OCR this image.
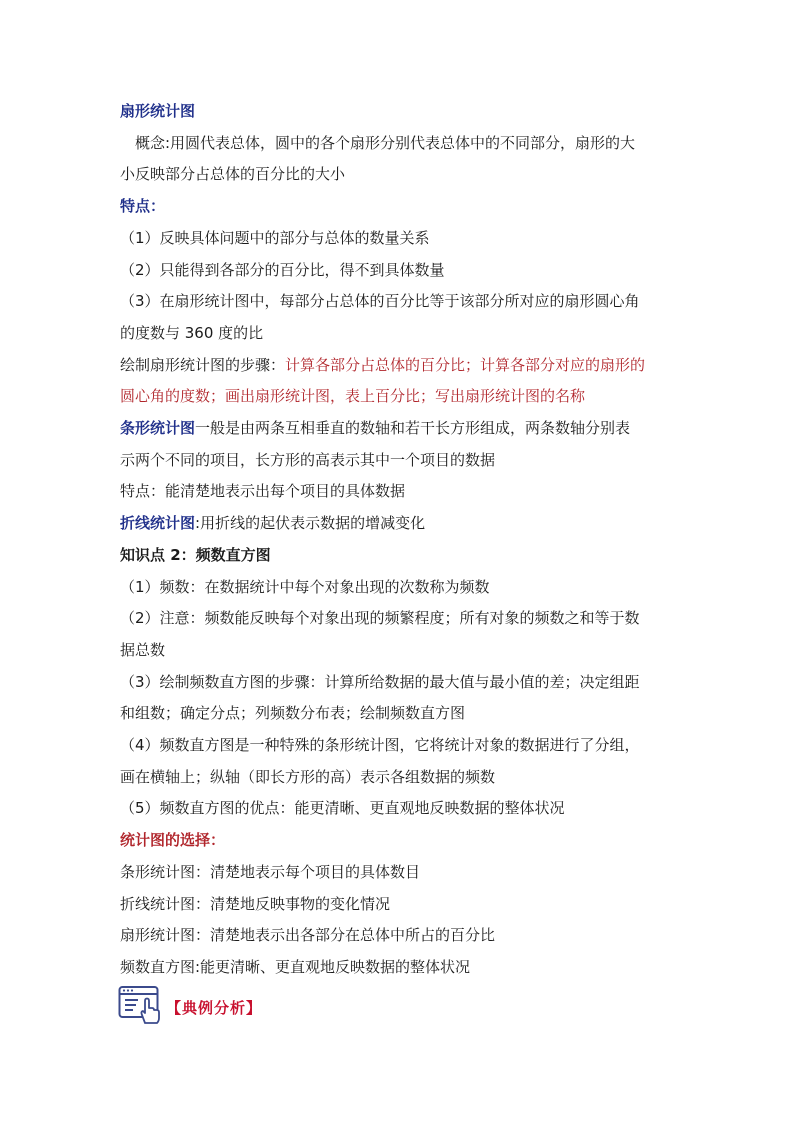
扇形统计图
概念:用圆代表总体，圆中的各个扇形分别代表总体中的不同部分，扇形的大
小反映部分占总体的百分比的大小
特点：
（1）反映具体问题中的部分与总体的数量关系
（2）只能得到各部分的百分比，得不到具体数量
（3）在扇形统计图中，每部分占总体的百分比等于该部分所对应的扇形圆心角
的度数与 360 度的比
绘制扇形统计图的步骤：计算各部分占总体的百分比；计算各部分对应的扇形的
圆心角的度数；画出扇形统计图，表上百分比；写出扇形统计图的名称
条形统计图一般是由两条互相垂直的数轴和若干长方形组成，两条数轴分别表
示两个不同的项目，长方形的高表示其中一个项目的数据
特点：能清楚地表示出每个项目的具体数据
折线统计图:用折线的起伏表示数据的增减变化
知识点 2：频数直方图
（1）频数：在数据统计中每个对象出现的次数称为频数
（2）注意：频数能反映每个对象出现的频繁程度；所有对象的频数之和等于数
据总数
（3）绘制频数直方图的步骤：计算所给数据的最大值与最小值的差；决定组距
和组数；确定分点；列频数分布表；绘制频数直方图
（4）频数直方图是一种特殊的条形统计图，它将统计对象的数据进行了分组，
画在横轴上；纵轴（即长方形的高）表示各组数据的频数
（5）频数直方图的优点：能更清晰、更直观地反映数据的整体状况
统计图的选择：
条形统计图：清楚地表示每个项目的具体数目
折线统计图：清楚地反映事物的变化情况
扇形统计图：清楚地表示出各部分在总体中所占的百分比
频数直方图:能更清晰、更直观地反映数据的整体状况
【典例分析】
